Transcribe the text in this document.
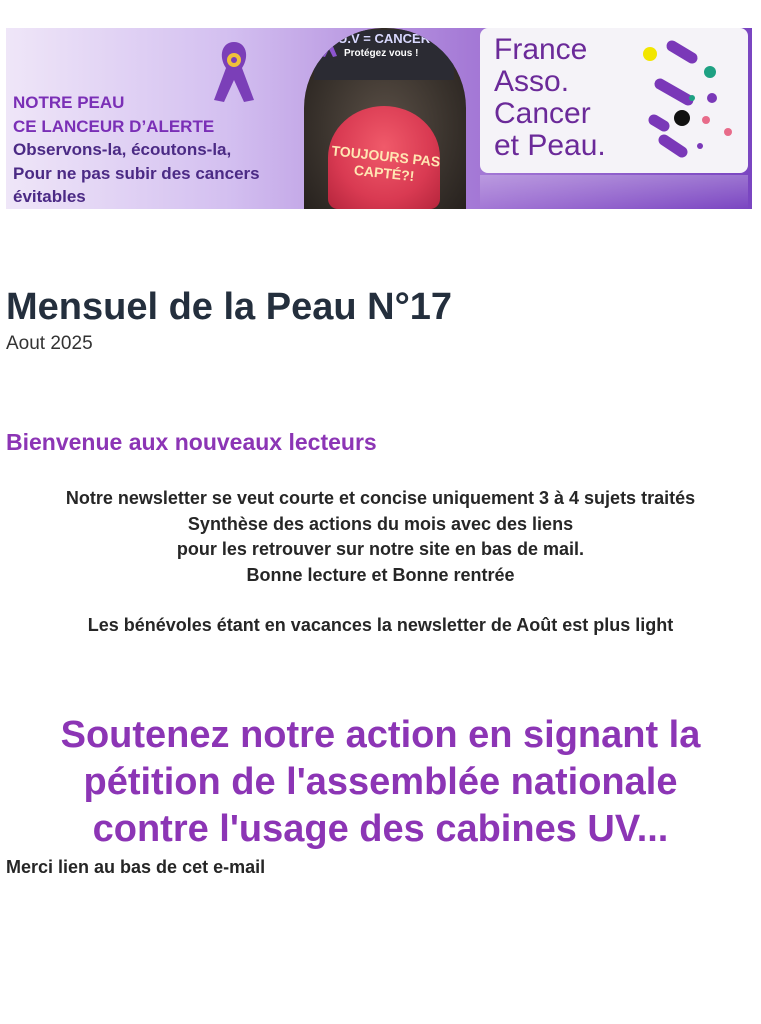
NOTRE PEAU
CE LANCEUR D’ALERTE
Observons-la, écoutons-la,
Pour ne pas subir des cancers
évitables
U.V = CANCER
Protégez vous !
TOUJOURS PAS CAPTÉ?!
France
Asso.
Cancer
et Peau.
Mensuel de la Peau N°17
Aout 2025
Bienvenue aux nouveaux lecteurs
Notre newsletter se veut courte et concise uniquement 3 à 4 sujets traités
Synthèse des actions du mois avec des liens
pour les retrouver sur notre site en bas de mail.
Bonne lecture et Bonne rentrée
Les bénévoles étant en vacances la newsletter de Août est plus light
Soutenez notre action en signant la
pétition de l'assemblée nationale
contre l'usage des cabines UV...
Merci lien au bas de cet e-mail
